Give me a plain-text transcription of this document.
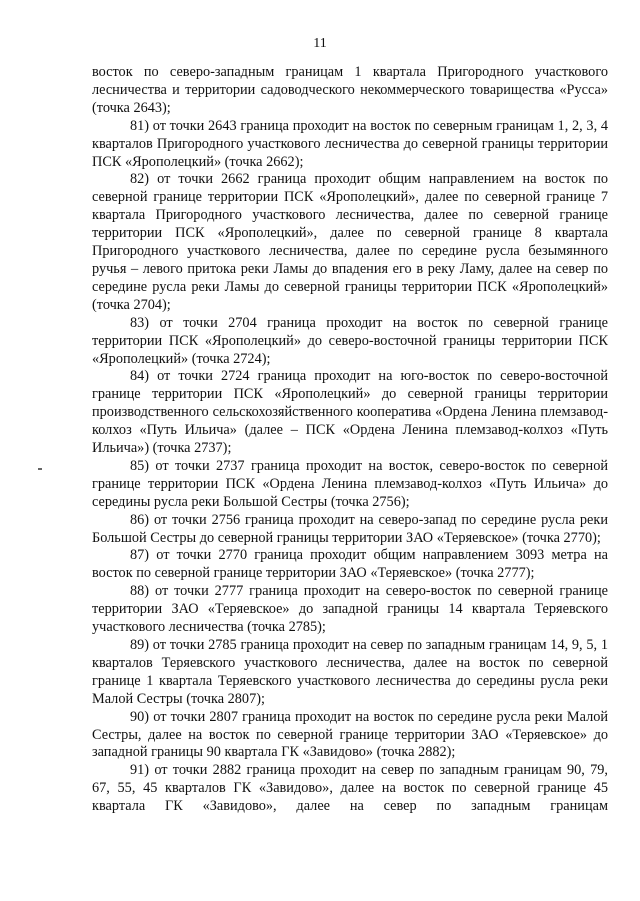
11

восток по северо-западным границам 1 квартала Пригородного участкового лесничества и территории садоводческого некоммерческого товарищества «Русса» (точка 2643);

81) от точки 2643 граница проходит на восток по северным границам 1, 2, 3, 4 кварталов Пригородного участкового лесничества до северной границы территории ПСК «Ярополецкий» (точка 2662);

82) от точки 2662 граница проходит общим направлением на восток по северной границе территории ПСК «Ярополецкий», далее по северной границе 7 квартала Пригородного участкового лесничества, далее по северной границе территории ПСК «Ярополецкий», далее по северной границе 8 квартала Пригородного участкового лесничества, далее по середине русла безымянного ручья – левого притока реки Ламы до впадения его в реку Ламу, далее на север по середине русла реки Ламы до северной границы территории ПСК «Ярополецкий» (точка 2704);

83) от точки 2704 граница проходит на восток по северной границе территории ПСК «Ярополецкий» до северо-восточной границы территории ПСК «Ярополецкий» (точка 2724);

84) от точки 2724 граница проходит на юго-восток по северо-восточной границе территории ПСК «Ярополецкий» до северной границы территории производственного сельскохозяйственного кооператива «Ордена Ленина племзавод-колхоз «Путь Ильича» (далее – ПСК «Ордена Ленина племзавод-колхоз «Путь Ильича») (точка 2737);

85) от точки 2737 граница проходит на восток, северо-восток по северной границе территории ПСК «Ордена Ленина племзавод-колхоз «Путь Ильича» до середины русла реки Большой Сестры (точка 2756);

86) от точки 2756 граница проходит на северо-запад по середине русла реки Большой Сестры до северной границы территории ЗАО «Теряевское» (точка 2770);

87) от точки 2770 граница проходит общим направлением 3093 метра на восток по северной границе территории ЗАО «Теряевское» (точка 2777);

88) от точки 2777 граница проходит на северо-восток по северной границе территории ЗАО «Теряевское» до западной границы 14 квартала Теряевского участкового лесничества (точка 2785);

89) от точки 2785 граница проходит на север по западным границам 14, 9, 5, 1 кварталов Теряевского участкового лесничества, далее на восток по северной границе 1 квартала Теряевского участкового лесничества до середины русла реки Малой Сестры (точка 2807);

90) от точки 2807 граница проходит на восток по середине русла реки Малой Сестры, далее на восток по северной границе территории ЗАО «Теряевское» до западной границы 90 квартала ГК «Завидово» (точка 2882);

91) от точки 2882 граница проходит на север по западным границам 90, 79, 67, 55, 45 кварталов ГК «Завидово», далее на восток по северной границе 45 квартала ГК «Завидово», далее на север по западным границам
